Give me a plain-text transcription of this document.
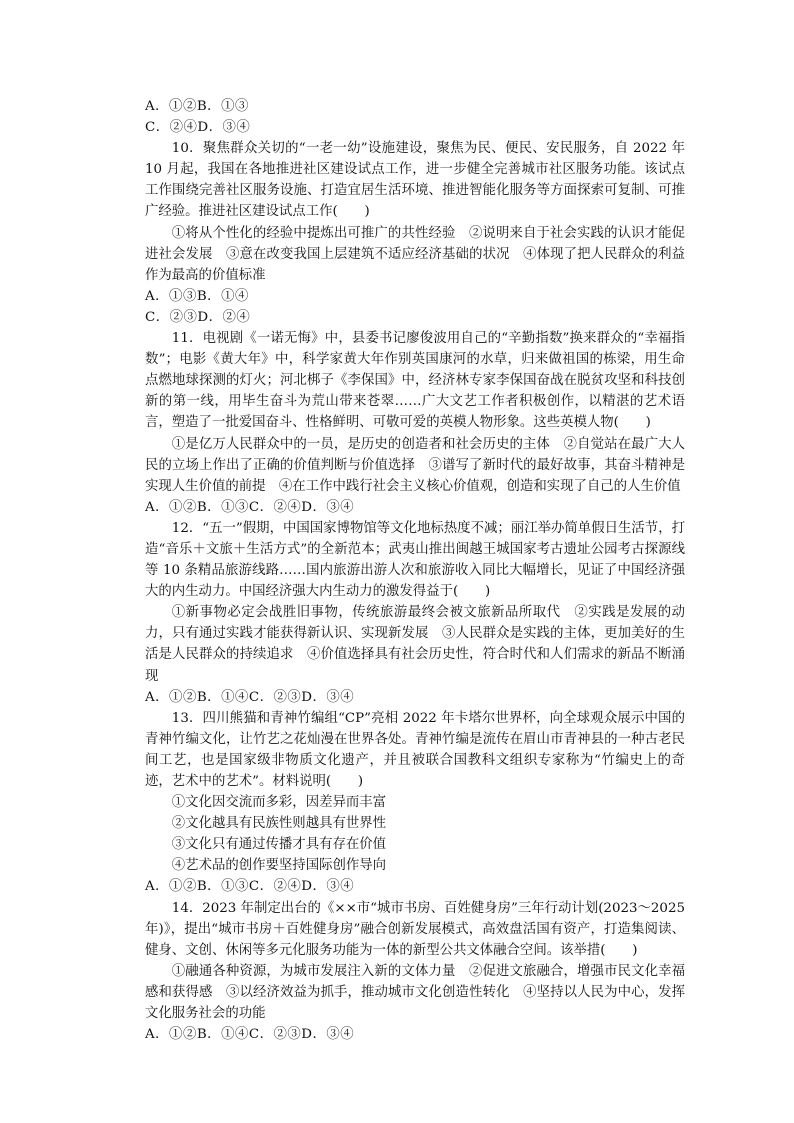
A．①②B．①③
C．②④D．③④
10．聚焦群众关切的“一老一幼”设施建设，聚焦为民、便民、安民服务，自 2022 年 10 月起，我国在各地推进社区建设试点工作，进一步健全完善城市社区服务功能。该试点工作围绕完善社区服务设施、打造宜居生活环境、推进智能化服务等方面探索可复制、可推广经验。推进社区建设试点工作(　　)
①将从个性化的经验中提炼出可推广的共性经验　②说明来自于社会实践的认识才能促进社会发展　③意在改变我国上层建筑不适应经济基础的状况　④体现了把人民群众的利益作为最高的价值标准
A．①③B．①④
C．②③D．②④
11．电视剧《一诺无悔》中，县委书记廖俊波用自己的“辛勤指数”换来群众的“幸福指数”；电影《黄大年》中，科学家黄大年作别英国康河的水草，归来做祖国的栋梁，用生命点燃地球探测的灯火；河北梆子《李保国》中，经济林专家李保国奋战在脱贫攻坚和科技创新的第一线，用毕生奋斗为荒山带来苍翠……广大文艺工作者积极创作，以精湛的艺术语言，塑造了一批爱国奋斗、性格鲜明、可敬可爱的英模人物形象。这些英模人物(　　)
①是亿万人民群众中的一员，是历史的创造者和社会历史的主体　②自觉站在最广大人民的立场上作出了正确的价值判断与价值选择　③谱写了新时代的最好故事，其奋斗精神是实现人生价值的前提　④在工作中践行社会主义核心价值观，创造和实现了自己的人生价值
A．①②B．①③C．②④D．③④
12．“五一”假期，中国国家博物馆等文化地标热度不减；丽江举办简单假日生活节，打造“音乐＋文旅＋生活方式”的全新范本；武夷山推出闽越王城国家考古遗址公园考古探源线等 10 条精品旅游线路……国内旅游出游人次和旅游收入同比大幅增长，见证了中国经济强大的内生动力。中国经济强大内生动力的激发得益于(　　)
①新事物必定会战胜旧事物，传统旅游最终会被文旅新品所取代　②实践是发展的动力，只有通过实践才能获得新认识、实现新发展　③人民群众是实践的主体，更加美好的生活是人民群众的持续追求　④价值选择具有社会历史性，符合时代和人们需求的新品不断涌现
A．①②B．①④C．②③D．③④
13．四川熊猫和青神竹编组“CP”亮相 2022 年卡塔尔世界杯，向全球观众展示中国的青神竹编文化，让竹艺之花灿漫在世界各处。青神竹编是流传在眉山市青神县的一种古老民间工艺，也是国家级非物质文化遗产，并且被联合国教科文组织专家称为“竹编史上的奇迹，艺术中的艺术”。材料说明(　　)
①文化因交流而多彩，因差异而丰富
②文化越具有民族性则越具有世界性
③文化只有通过传播才具有存在价值
④艺术品的创作要坚持国际创作导向
A．①②B．①③C．②④D．③④
14．2023 年制定出台的《××市“城市书房、百姓健身房”三年行动计划(2023～2025年)》，提出“城市书房＋百姓健身房”融合创新发展模式，高效盘活国有资产，打造集阅读、健身、文创、休闲等多元化服务功能为一体的新型公共文体融合空间。该举措(　　)
①融通各种资源，为城市发展注入新的文体力量　②促进文旅融合，增强市民文化幸福感和获得感　③以经济效益为抓手，推动城市文化创造性转化　④坚持以人民为中心，发挥文化服务社会的功能
A．①②B．①④C．②③D．③④
